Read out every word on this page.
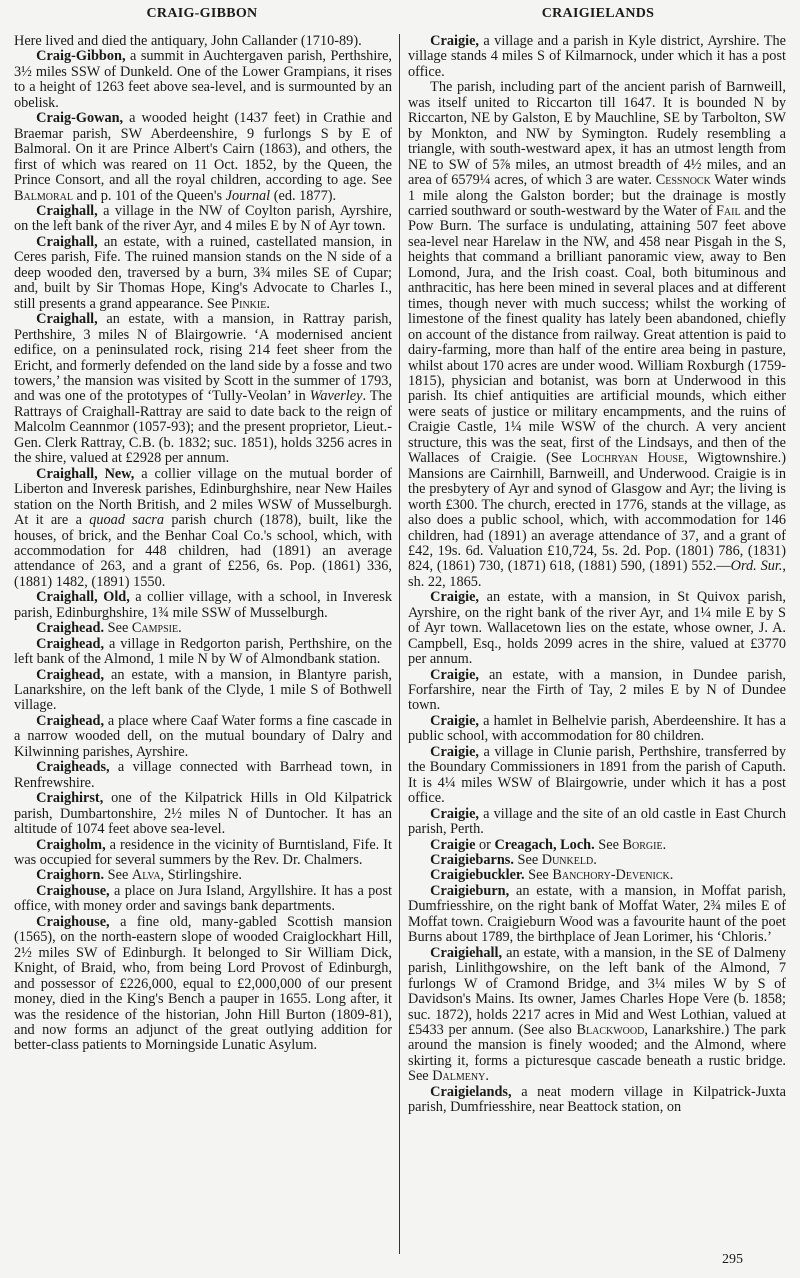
CRAIG-GIBBON	CRAIGIELANDS

Here lived and died the antiquary, John Callander (1710-89).

Craig-Gibbon, a summit in Auchtergaven parish, Perthshire, 3½ miles SSW of Dunkeld. One of the Lower Grampians, it rises to a height of 1263 feet above sea-level, and is surmounted by an obelisk.

Craig-Gowan, a wooded height (1437 feet) in Crathie and Braemar parish, SW Aberdeenshire, 9 furlongs S by E of Balmoral. On it are Prince Albert's Cairn (1863), and others, the first of which was reared on 11 Oct. 1852, by the Queen, the Prince Consort, and all the royal children, according to age. See Balmoral and p. 101 of the Queen's Journal (ed. 1877).

Craighall, a village in the NW of Coylton parish, Ayrshire, on the left bank of the river Ayr, and 4 miles E by N of Ayr town.

Craighall, an estate, with a ruined, castellated mansion, in Ceres parish, Fife. The ruined mansion stands on the N side of a deep wooded den, traversed by a burn, 3¾ miles SE of Cupar; and, built by Sir Thomas Hope, King's Advocate to Charles I., still presents a grand appearance. See Pinkie.

Craighall, an estate, with a mansion, in Rattray parish, Perthshire, 3 miles N of Blairgowrie. ‘A modernised ancient edifice, on a peninsulated rock, rising 214 feet sheer from the Ericht, and formerly defended on the land side by a fosse and two towers,’ the mansion was visited by Scott in the summer of 1793, and was one of the prototypes of ‘Tully-Veolan’ in Waverley. The Rattrays of Craighall-Rattray are said to date back to the reign of Malcolm Ceannmor (1057-93); and the present proprietor, Lieut.-Gen. Clerk Rattray, C.B. (b. 1832; suc. 1851), holds 3256 acres in the shire, valued at £2928 per annum.

Craighall, New, a collier village on the mutual border of Liberton and Inveresk parishes, Edinburghshire, near New Hailes station on the North British, and 2 miles WSW of Musselburgh. At it are a quoad sacra parish church (1878), built, like the houses, of brick, and the Benhar Coal Co.'s school, which, with accommodation for 448 children, had (1891) an average attendance of 263, and a grant of £256, 6s. Pop. (1861) 336, (1881) 1482, (1891) 1550.

Craighall, Old, a collier village, with a school, in Inveresk parish, Edinburghshire, 1¾ mile SSW of Musselburgh.

Craighead. See Campsie.

Craighead, a village in Redgorton parish, Perthshire, on the left bank of the Almond, 1 mile N by W of Almondbank station.

Craighead, an estate, with a mansion, in Blantyre parish, Lanarkshire, on the left bank of the Clyde, 1 mile S of Bothwell village.

Craighead, a place where Caaf Water forms a fine cascade in a narrow wooded dell, on the mutual boundary of Dalry and Kilwinning parishes, Ayrshire.

Craigheads, a village connected with Barrhead town, in Renfrewshire.

Craighirst, one of the Kilpatrick Hills in Old Kilpatrick parish, Dumbartonshire, 2½ miles N of Duntocher. It has an altitude of 1074 feet above sea-level.

Craigholm, a residence in the vicinity of Burntisland, Fife. It was occupied for several summers by the Rev. Dr. Chalmers.

Craighorn. See Alva, Stirlingshire.

Craighouse, a place on Jura Island, Argyllshire. It has a post office, with money order and savings bank departments.

Craighouse, a fine old, many-gabled Scottish mansion (1565), on the north-eastern slope of wooded Craiglockhart Hill, 2½ miles SW of Edinburgh. It belonged to Sir William Dick, Knight, of Braid, who, from being Lord Provost of Edinburgh, and possessor of £226,000, equal to £2,000,000 of our present money, died in the King's Bench a pauper in 1655. Long after, it was the residence of the historian, John Hill Burton (1809-81), and now forms an adjunct of the great outlying addition for better-class patients to Morningside Lunatic Asylum.

Craigie, a village and a parish in Kyle district, Ayrshire. The village stands 4 miles S of Kilmarnock, under which it has a post office.

The parish, including part of the ancient parish of Barnweill, was itself united to Riccarton till 1647. It is bounded N by Riccarton, NE by Galston, E by Mauchline, SE by Tarbolton, SW by Monkton, and NW by Symington. Rudely resembling a triangle, with south-westward apex, it has an utmost length from NE to SW of 5⅞ miles, an utmost breadth of 4½ miles, and an area of 6579¼ acres, of which 3 are water. Cessnock Water winds 1 mile along the Galston border; but the drainage is mostly carried southward or south-westward by the Water of Fail and the Pow Burn. The surface is undulating, attaining 507 feet above sea-level near Harelaw in the NW, and 458 near Pisgah in the S, heights that command a brilliant panoramic view, away to Ben Lomond, Jura, and the Irish coast. Coal, both bituminous and anthracitic, has here been mined in several places and at different times, though never with much success; whilst the working of limestone of the finest quality has lately been abandoned, chiefly on account of the distance from railway. Great attention is paid to dairy-farming, more than half of the entire area being in pasture, whilst about 170 acres are under wood. William Roxburgh (1759-1815), physician and botanist, was born at Underwood in this parish. Its chief antiquities are artificial mounds, which either were seats of justice or military encampments, and the ruins of Craigie Castle, 1¼ mile WSW of the church. A very ancient structure, this was the seat, first of the Lindsays, and then of the Wallaces of Craigie. (See Lochryan House, Wigtownshire.) Mansions are Cairnhill, Barnweill, and Underwood. Craigie is in the presbytery of Ayr and synod of Glasgow and Ayr; the living is worth £300. The church, erected in 1776, stands at the village, as also does a public school, which, with accommodation for 146 children, had (1891) an average attendance of 37, and a grant of £42, 19s. 6d. Valuation £10,724, 5s. 2d. Pop. (1801) 786, (1831) 824, (1861) 730, (1871) 618, (1881) 590, (1891) 552.—Ord. Sur., sh. 22, 1865.

Craigie, an estate, with a mansion, in St Quivox parish, Ayrshire, on the right bank of the river Ayr, and 1¼ mile E by S of Ayr town. Wallacetown lies on the estate, whose owner, J. A. Campbell, Esq., holds 2099 acres in the shire, valued at £3770 per annum.

Craigie, an estate, with a mansion, in Dundee parish, Forfarshire, near the Firth of Tay, 2 miles E by N of Dundee town.

Craigie, a hamlet in Belhelvie parish, Aberdeenshire. It has a public school, with accommodation for 80 children.

Craigie, a village in Clunie parish, Perthshire, transferred by the Boundary Commissioners in 1891 from the parish of Caputh. It is 4¼ miles WSW of Blairgowrie, under which it has a post office.

Craigie, a village and the site of an old castle in East Church parish, Perth.

Craigie or Creagach, Loch. See Borgie.

Craigiebarns. See Dunkeld.

Craigiebuckler. See Banchory-Devenick.

Craigieburn, an estate, with a mansion, in Moffat parish, Dumfriesshire, on the right bank of Moffat Water, 2¾ miles E of Moffat town. Craigieburn Wood was a favourite haunt of the poet Burns about 1789, the birthplace of Jean Lorimer, his ‘Chloris.’

Craigiehall, an estate, with a mansion, in the SE of Dalmeny parish, Linlithgowshire, on the left bank of the Almond, 7 furlongs W of Cramond Bridge, and 3¼ miles W by S of Davidson's Mains. Its owner, James Charles Hope Vere (b. 1858; suc. 1872), holds 2217 acres in Mid and West Lothian, valued at £5433 per annum. (See also Blackwood, Lanarkshire.) The park around the mansion is finely wooded; and the Almond, where skirting it, forms a picturesque cascade beneath a rustic bridge. See Dalmeny.

Craigielands, a neat modern village in Kilpatrick-Juxta parish, Dumfriesshire, near Beattock station, on

295
